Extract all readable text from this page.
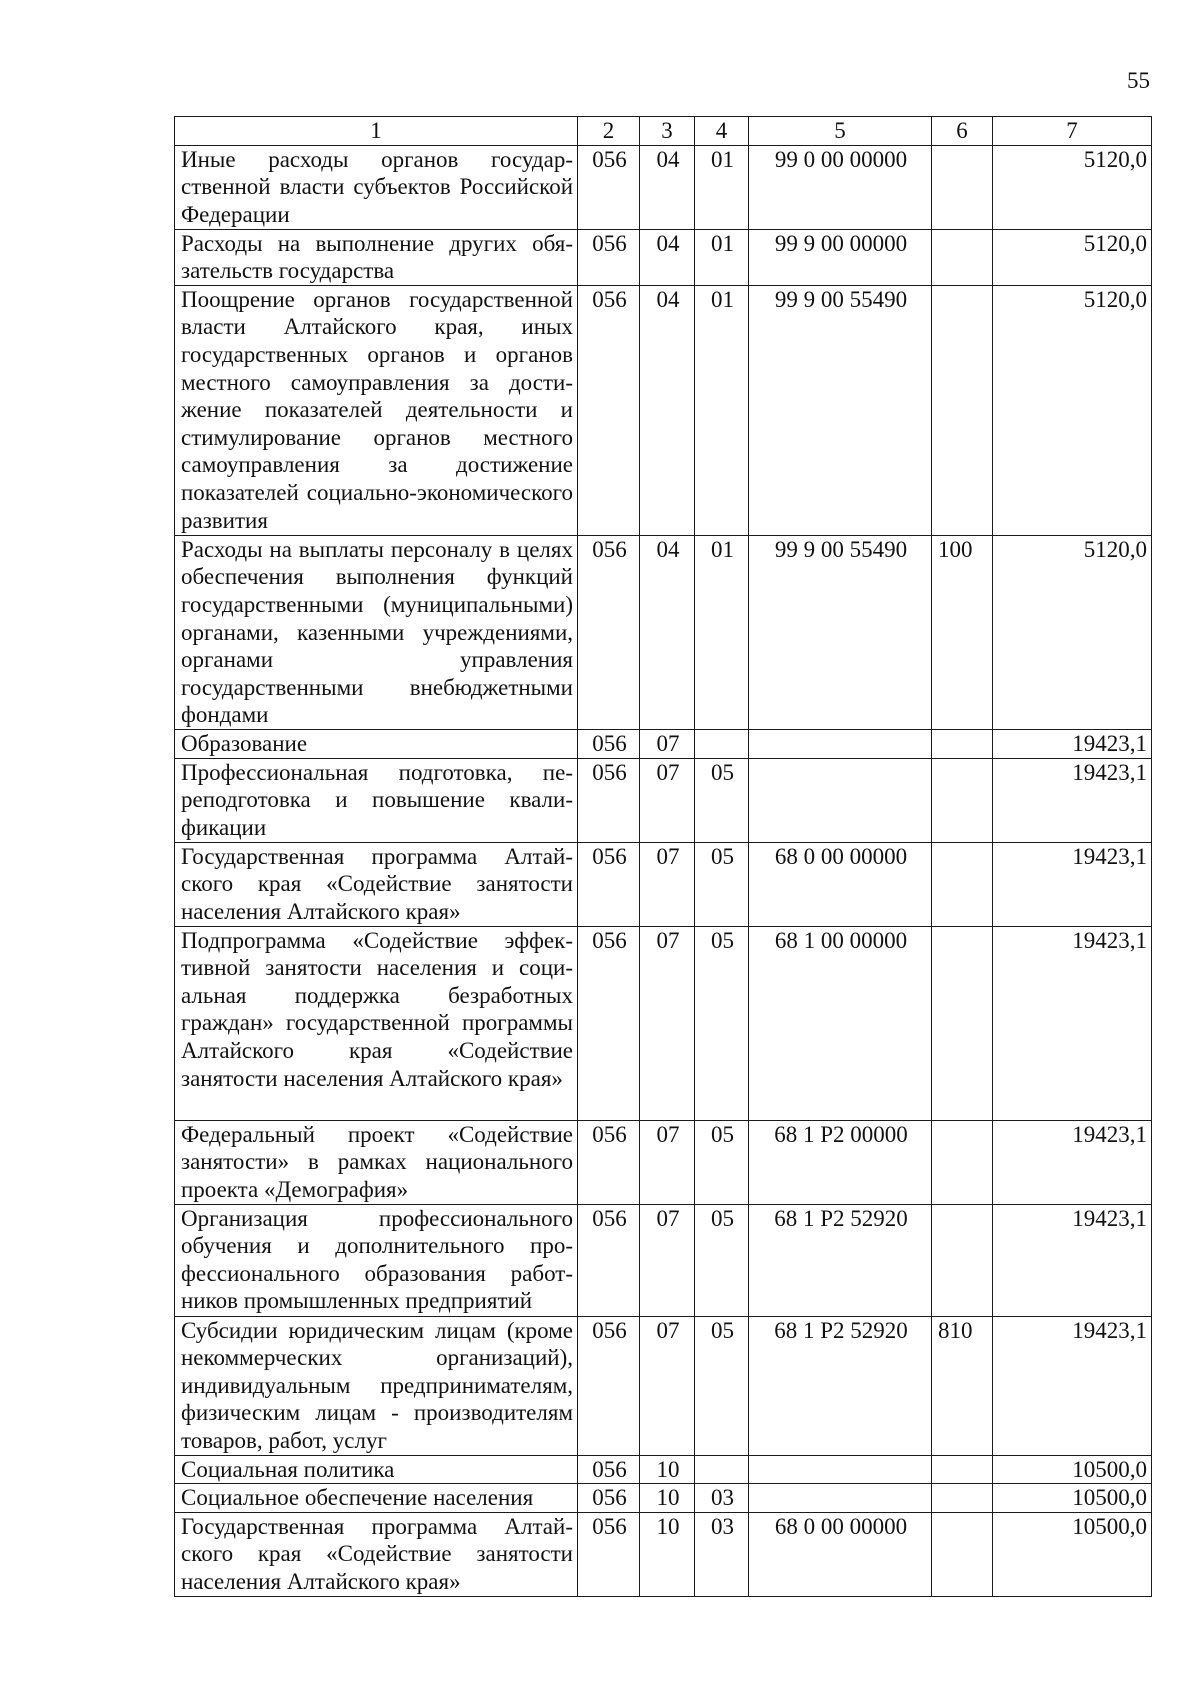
55
1	2	3	4	5	6	7
Иные расходы органов государственной власти субъектов Российской Федерации	056	04	01	99 0 00 00000		5120,0
Расходы на выполнение других обязательств государства	056	04	01	99 9 00 00000		5120,0
Поощрение органов государственной власти Алтайского края, иных государственных органов и органов местного самоуправления за достижение показателей деятельности и стимулирование органов местного самоуправления за достижение показателей социально-экономического развития	056	04	01	99 9 00 55490		5120,0
Расходы на выплаты персоналу в целях обеспечения выполнения функций государственными (муниципальными) органами, казенными учреждениями, органами управления государственными внебюджетными фондами	056	04	01	99 9 00 55490	100	5120,0
Образование	056	07				19423,1
Профессиональная подготовка, переподготовка и повышение квалификации	056	07	05			19423,1
Государственная программа Алтайского края «Содействие занятости населения Алтайского края»	056	07	05	68 0 00 00000		19423,1
Подпрограмма «Содействие эффективной занятости населения и социальная поддержка безработных граждан» государственной программы Алтайского края «Содействие занятости населения Алтайского края»	056	07	05	68 1 00 00000		19423,1
Федеральный проект «Содействие занятости» в рамках национального проекта «Демография»	056	07	05	68 1 P2 00000		19423,1
Организация профессионального обучения и дополнительного профессионального образования работников промышленных предприятий	056	07	05	68 1 P2 52920		19423,1
Субсидии юридическим лицам (кроме некоммерческих организаций), индивидуальным предпринимателям, физическим лицам - производителям товаров, работ, услуг	056	07	05	68 1 P2 52920	810	19423,1
Социальная политика	056	10				10500,0
Социальное обеспечение населения	056	10	03			10500,0
Государственная программа Алтайского края «Содействие занятости населения Алтайского края»	056	10	03	68 0 00 00000		10500,0
